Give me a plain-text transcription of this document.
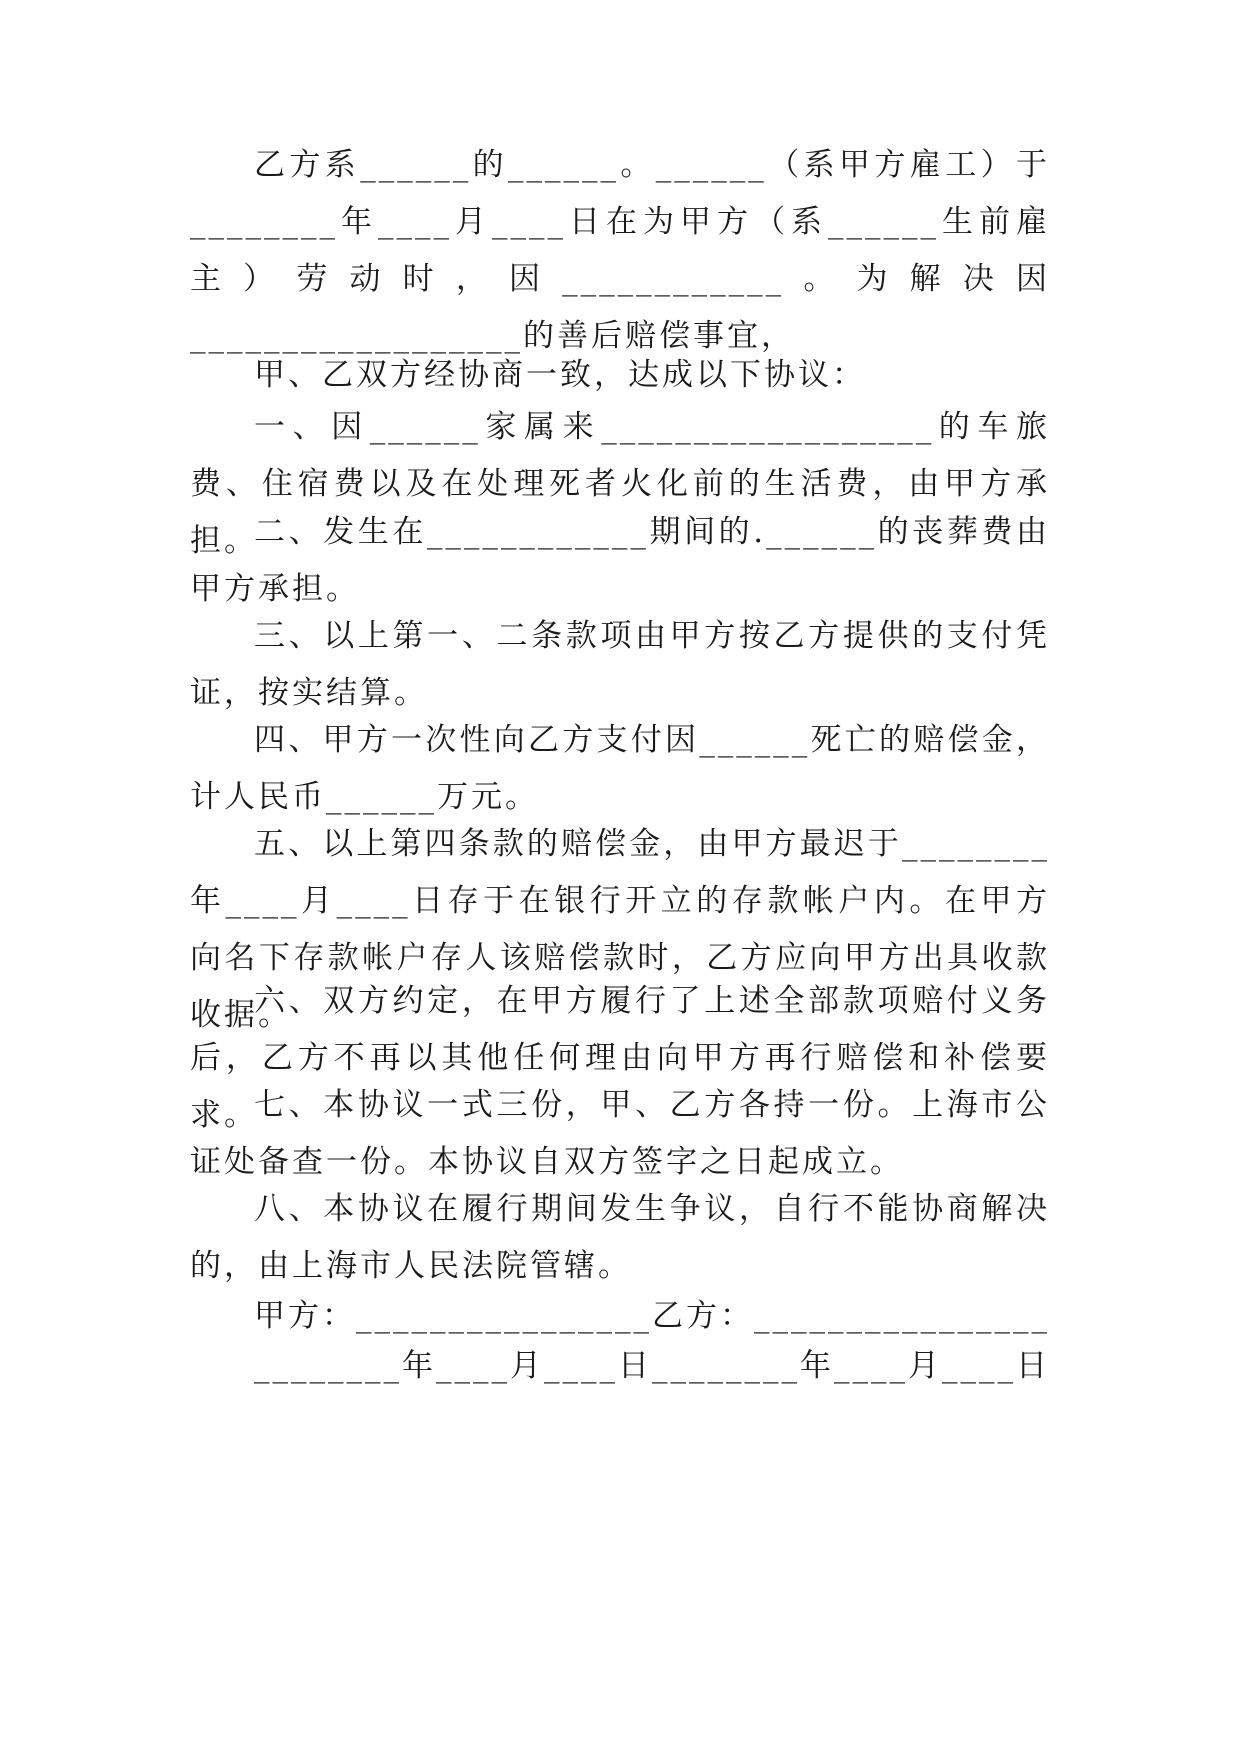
乙方系______的______。______（系甲方雇工）于________年____月____日在为甲方（系______生前雇主）劳动时，因____________。为解决因__________________的善后赔偿事宜，

甲、乙双方经协商一致，达成以下协议：

一、因______家属来__________________的车旅费、住宿费以及在处理死者火化前的生活费，由甲方承担。

二、发生在____________期间的.______的丧葬费由甲方承担。

三、以上第一、二条款项由甲方按乙方提供的支付凭证，按实结算。

四、甲方一次性向乙方支付因______死亡的赔偿金，计人民币______万元。

五、以上第四条款的赔偿金，由甲方最迟于________年____月____日存于在银行开立的存款帐户内。在甲方向名下存款帐户存人该赔偿款时，乙方应向甲方出具收款收据。

六、双方约定，在甲方履行了上述全部款项赔付义务后，乙方不再以其他任何理由向甲方再行赔偿和补偿要求。

七、本协议一式三份，甲、乙方各持一份。上海市公证处备查一份。本协议自双方签字之日起成立。

八、本协议在履行期间发生争议，自行不能协商解决的，由上海市人民法院管辖。

甲方：________________乙方：________________

________年____月____日________年____月____日
